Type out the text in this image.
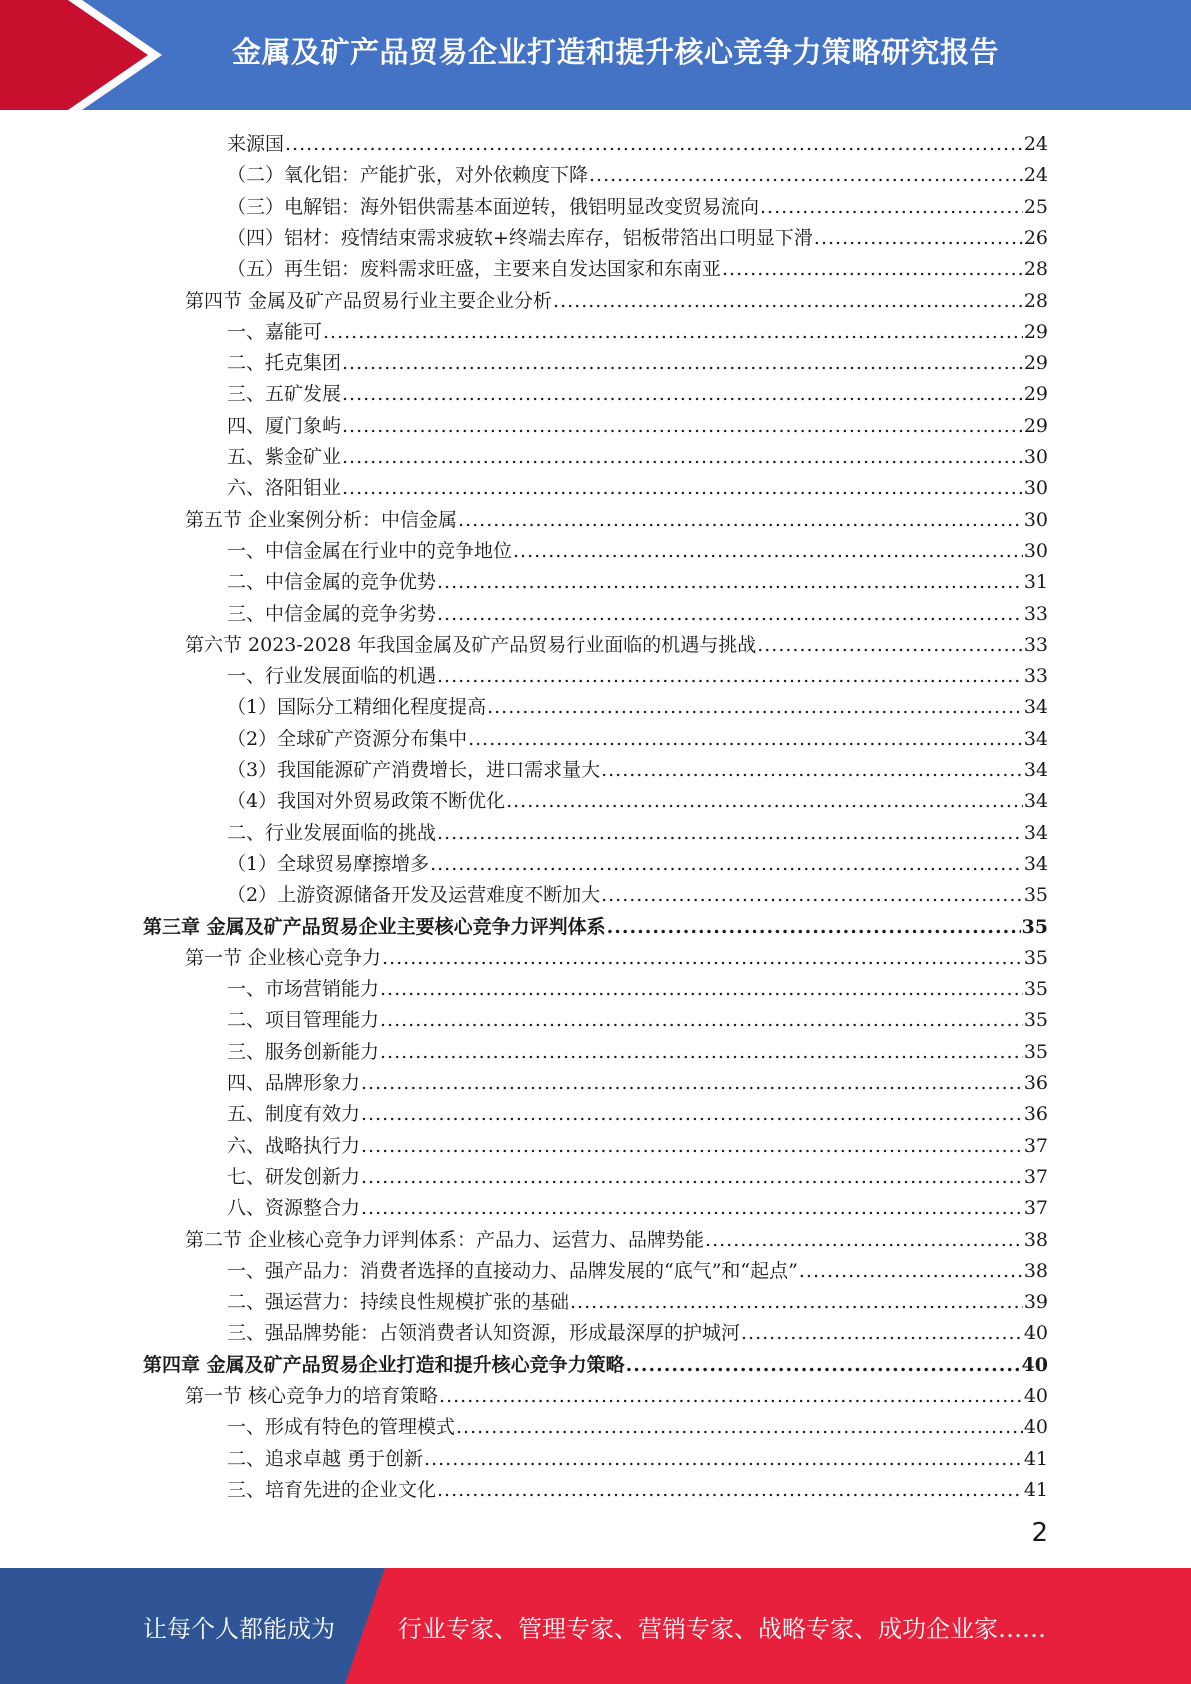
金属及矿产品贸易企业打造和提升核心竞争力策略研究报告
来源国 .....	24
（二）氧化铝：产能扩张，对外依赖度下降 .....	24
（三）电解铝：海外铝供需基本面逆转，俄铝明显改变贸易流向 .....	25
（四）铝材：疫情结束需求疲软+终端去库存，铝板带箔出口明显下滑 .....	26
（五）再生铝：废料需求旺盛，主要来自发达国家和东南亚 .....	28
第四节 金属及矿产品贸易行业主要企业分析 .....	28
一、嘉能可 .....	29
二、托克集团 .....	29
三、五矿发展 .....	29
四、厦门象屿 .....	29
五、紫金矿业 .....	30
六、洛阳钼业 .....	30
第五节 企业案例分析：中信金属 .....	30
一、中信金属在行业中的竞争地位 .....	30
二、中信金属的竞争优势 .....	31
三、中信金属的竞争劣势 .....	33
第六节 2023-2028 年我国金属及矿产品贸易行业面临的机遇与挑战 .....	33
一、行业发展面临的机遇 .....	33
（1）国际分工精细化程度提高 .....	34
（2）全球矿产资源分布集中 .....	34
（3）我国能源矿产消费增长，进口需求量大 .....	34
（4）我国对外贸易政策不断优化 .....	34
二、行业发展面临的挑战 .....	34
（1）全球贸易摩擦增多 .....	34
（2）上游资源储备开发及运营难度不断加大 .....	35
第三章 金属及矿产品贸易企业主要核心竞争力评判体系 .....	35
第一节 企业核心竞争力 .....	35
一、市场营销能力 .....	35
二、项目管理能力 .....	35
三、服务创新能力 .....	35
四、品牌形象力 .....	36
五、制度有效力 .....	36
六、战略执行力 .....	37
七、研发创新力 .....	37
八、资源整合力 .....	37
第二节 企业核心竞争力评判体系：产品力、运营力、品牌势能 .....	38
一、强产品力：消费者选择的直接动力、品牌发展的“底气”和“起点” .....	38
二、强运营力：持续良性规模扩张的基础 .....	39
三、强品牌势能：占领消费者认知资源，形成最深厚的护城河 .....	40
第四章 金属及矿产品贸易企业打造和提升核心竞争力策略 .....	40
第一节 核心竞争力的培育策略 .....	40
一、形成有特色的管理模式 .....	40
二、追求卓越 勇于创新 .....	41
三、培育先进的企业文化 .....	41
2
让每个人都能成为	行业专家、管理专家、营销专家、战略专家、成功企业家……
